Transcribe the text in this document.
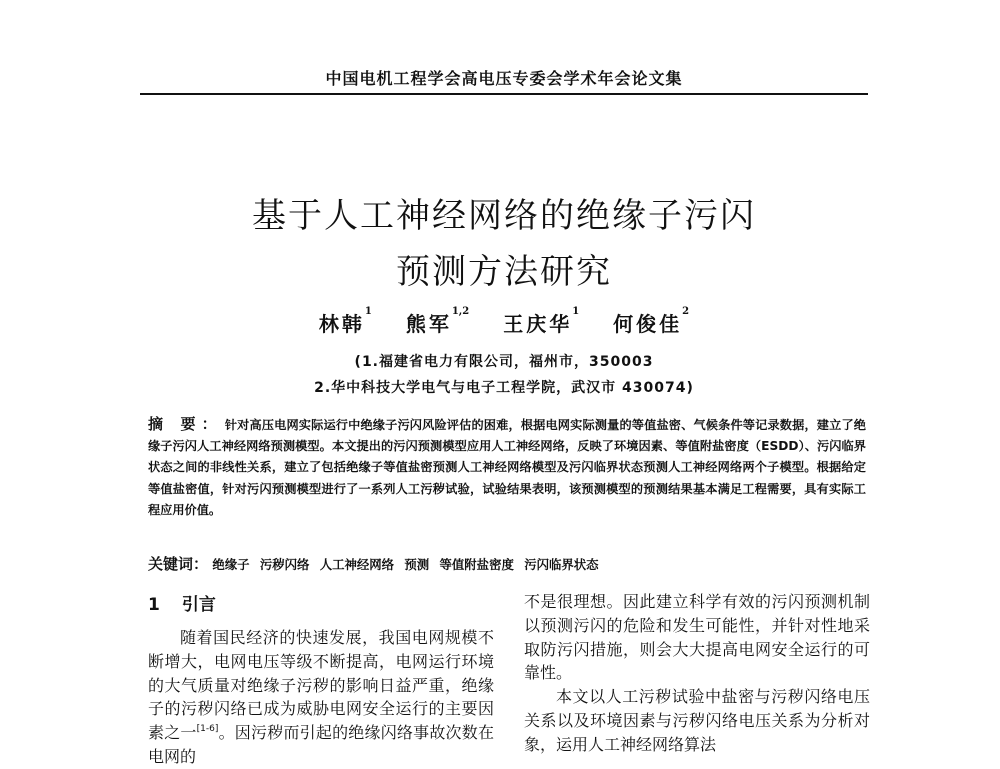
中国电机工程学会高电压专委会学术年会论文集
基于人工神经网络的绝缘子污闪
预测方法研究
林韩$^1$ 熊军$^{1,2}$ 王庆华$^1$ 何俊佳$^2$
(1.福建省电力有限公司，福州市，350003
2.华中科技大学电气与电子工程学院，武汉市 430074)

摘 要： 针对高压电网实际运行中绝缘子污闪风险评估的困难，根据电网实际测量的等值盐密、气候条件等记录数据，建立了绝缘子污闪人工神经网络预测模型。本文提出的污闪预测模型应用人工神经网络，反映了环境因素、等值附盐密度（ESDD）、污闪临界状态之间的非线性关系，建立了包括绝缘子等值盐密预测人工神经网络模型及污闪临界状态预测人工神经网络两个子模型。根据给定等值盐密值，针对污闪预测模型进行了一系列人工污秽试验，试验结果表明，该预测模型的预测结果基本满足工程需要，具有实际工程应用价值。

关键词： 绝缘子 污秽闪络 人工神经网络 预测 等值附盐密度 污闪临界状态
1 引言

随着国民经济的快速发展，我国电网规模不断增大，电网电压等级不断提高，电网运行环境的大气质量对绝缘子污秽的影响日益严重，绝缘子的污秽闪络已成为威胁电网安全运行的主要因素之一[1-6]。因污秽而引起的绝缘闪络事故次数在电网的

不是很理想。因此建立科学有效的污闪预测机制以预测污闪的危险和发生可能性，并针对性地采取防污闪措施，则会大大提高电网安全运行的可靠性。

本文以人工污秽试验中盐密与污秽闪络电压关系以及环境因素与污秽闪络电压关系为分析对象，运用人工神经网络算法
